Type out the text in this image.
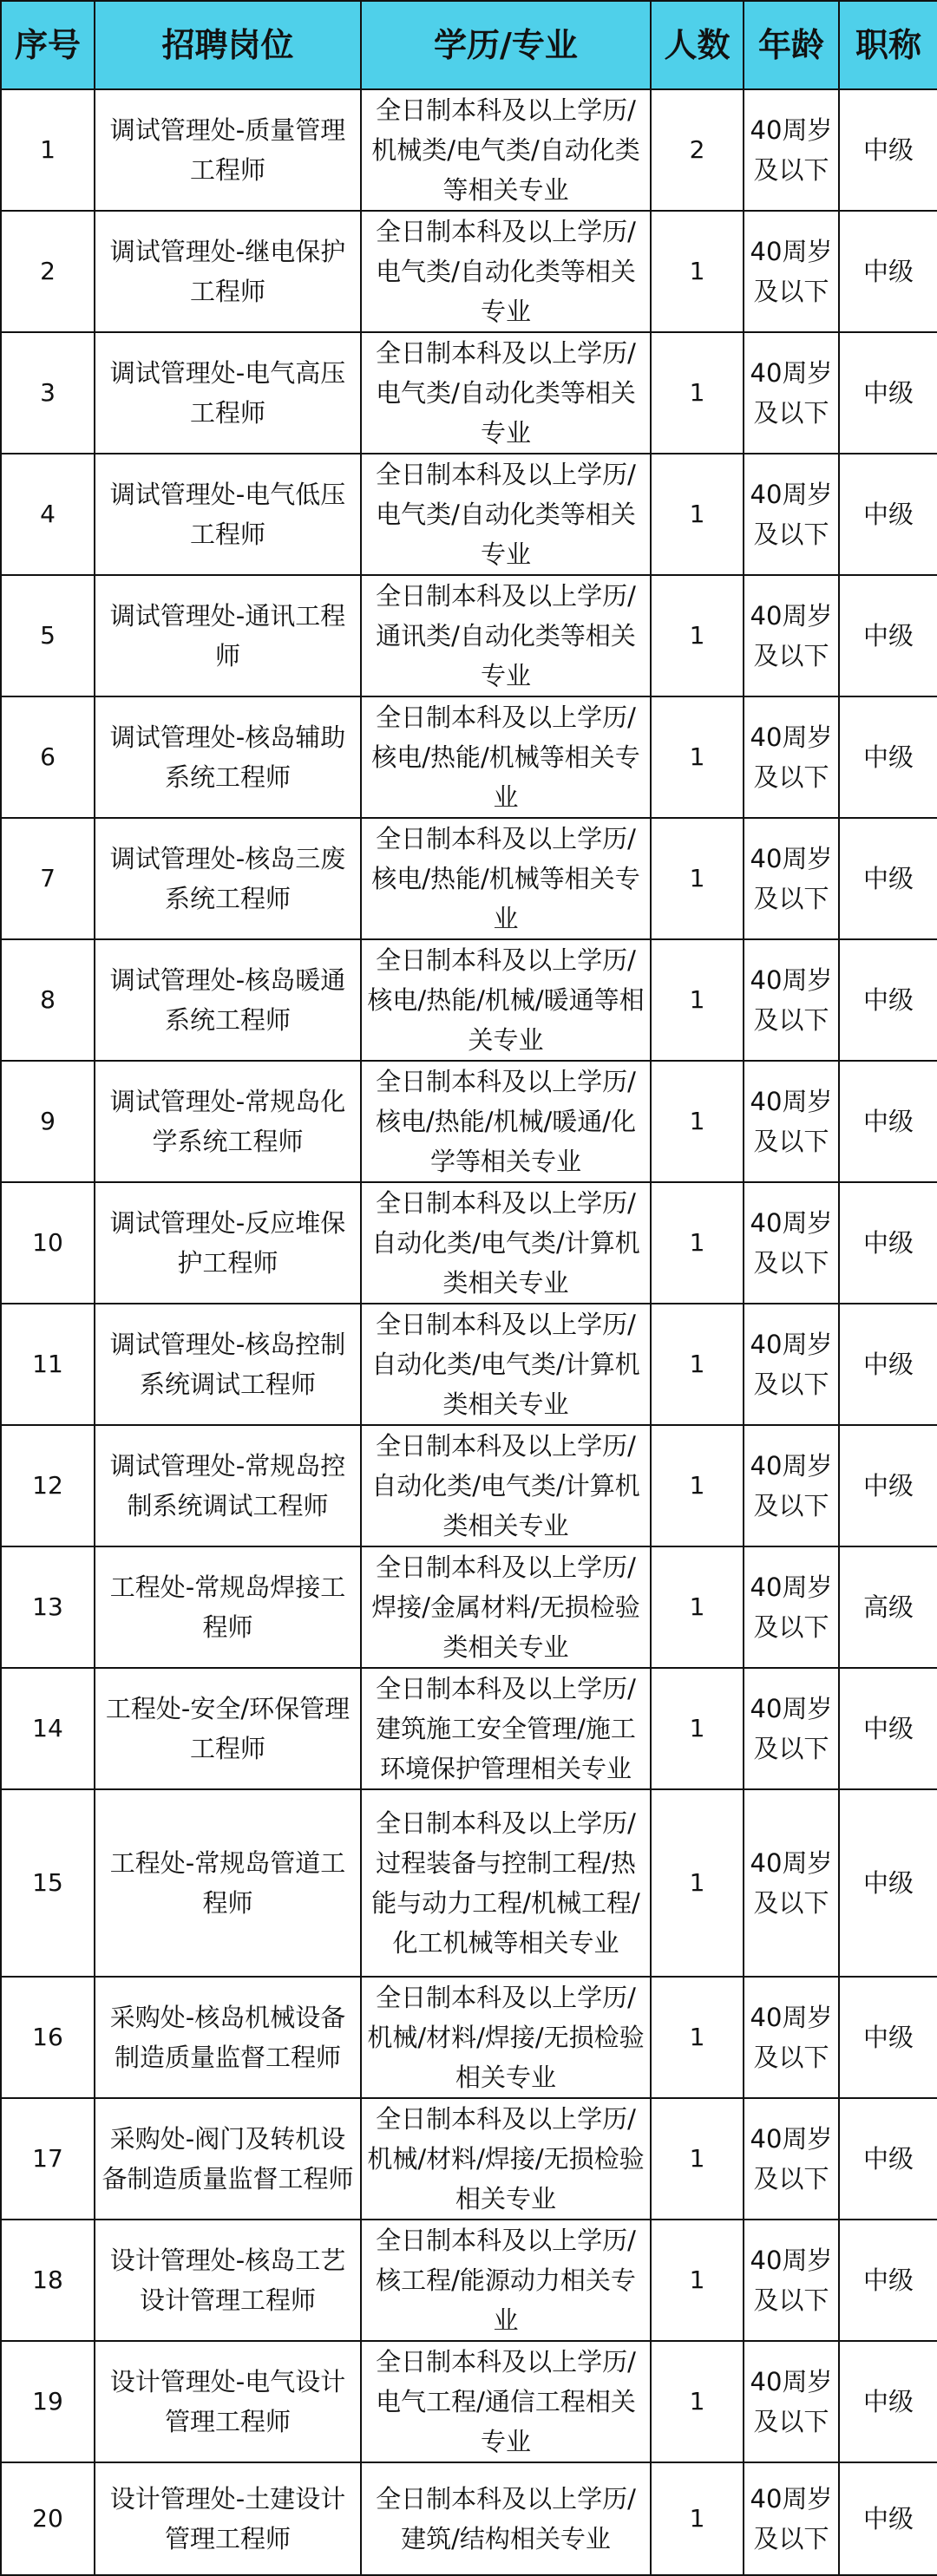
序号	招聘岗位	学历/专业	人数	年龄	职称
1	调试管理处-质量管理工程师	全日制本科及以上学历/机械类/电气类/自动化类等相关专业	2	40周岁及以下	中级
2	调试管理处-继电保护工程师	全日制本科及以上学历/电气类/自动化类等相关专业	1	40周岁及以下	中级
3	调试管理处-电气高压工程师	全日制本科及以上学历/电气类/自动化类等相关专业	1	40周岁及以下	中级
4	调试管理处-电气低压工程师	全日制本科及以上学历/电气类/自动化类等相关专业	1	40周岁及以下	中级
5	调试管理处-通讯工程师	全日制本科及以上学历/通讯类/自动化类等相关专业	1	40周岁及以下	中级
6	调试管理处-核岛辅助系统工程师	全日制本科及以上学历/核电/热能/机械等相关专业	1	40周岁及以下	中级
7	调试管理处-核岛三废系统工程师	全日制本科及以上学历/核电/热能/机械等相关专业	1	40周岁及以下	中级
8	调试管理处-核岛暖通系统工程师	全日制本科及以上学历/核电/热能/机械/暖通等相关专业	1	40周岁及以下	中级
9	调试管理处-常规岛化学系统工程师	全日制本科及以上学历/核电/热能/机械/暖通/化学等相关专业	1	40周岁及以下	中级
10	调试管理处-反应堆保护工程师	全日制本科及以上学历/自动化类/电气类/计算机类相关专业	1	40周岁及以下	中级
11	调试管理处-核岛控制系统调试工程师	全日制本科及以上学历/自动化类/电气类/计算机类相关专业	1	40周岁及以下	中级
12	调试管理处-常规岛控制系统调试工程师	全日制本科及以上学历/自动化类/电气类/计算机类相关专业	1	40周岁及以下	中级
13	工程处-常规岛焊接工程师	全日制本科及以上学历/焊接/金属材料/无损检验类相关专业	1	40周岁及以下	高级
14	工程处-安全/环保管理工程师	全日制本科及以上学历/建筑施工安全管理/施工环境保护管理相关专业	1	40周岁及以下	中级
15	工程处-常规岛管道工程师	全日制本科及以上学历/过程装备与控制工程/热能与动力工程/机械工程/化工机械等相关专业	1	40周岁及以下	中级
16	采购处-核岛机械设备制造质量监督工程师	全日制本科及以上学历/机械/材料/焊接/无损检验相关专业	1	40周岁及以下	中级
17	采购处-阀门及转机设备制造质量监督工程师	全日制本科及以上学历/机械/材料/焊接/无损检验相关专业	1	40周岁及以下	中级
18	设计管理处-核岛工艺设计管理工程师	全日制本科及以上学历/核工程/能源动力相关专业	1	40周岁及以下	中级
19	设计管理处-电气设计管理工程师	全日制本科及以上学历/电气工程/通信工程相关专业	1	40周岁及以下	中级
20	设计管理处-土建设计管理工程师	全日制本科及以上学历/建筑/结构相关专业	1	40周岁及以下	中级
